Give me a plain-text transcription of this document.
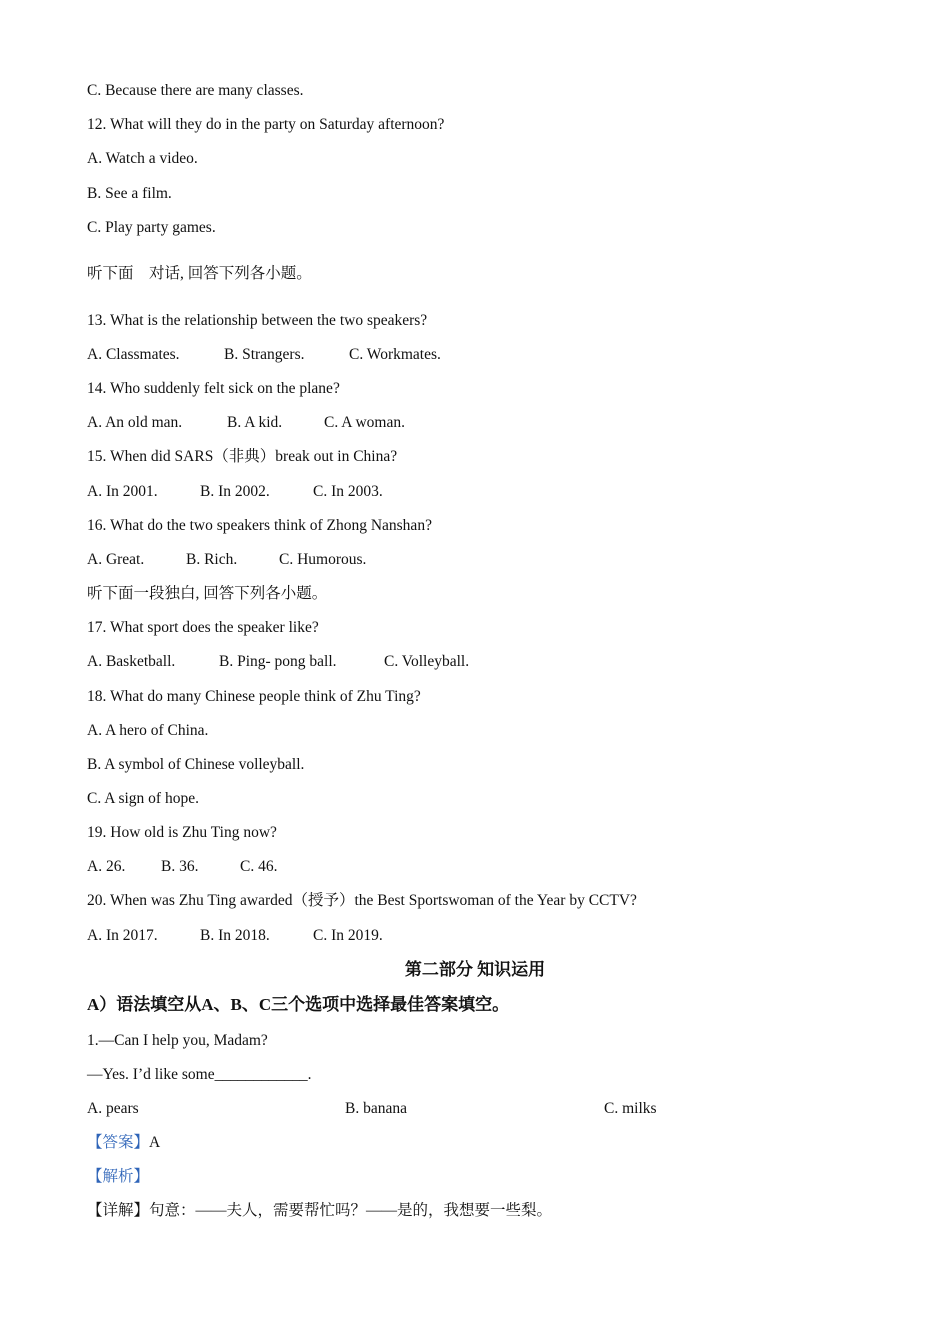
C. Because there are many classes.
12. What will they do in the party on Saturday afternoon?
A. Watch a video.
B. See a film.
C. Play party games.
听下面　对话, 回答下列各小题。
13. What is the relationship between the two speakers?

A. Classmates.

	B. Strangers.

	C. Workmates.

14. Who suddenly felt sick on the plane?

A. An old man.

	B. A kid.

	C. A woman.

15. When did SARS（非典）break out in China?

A. In 2001.

	B. In 2002.

	C. In 2003.

16. What do the two speakers think of Zhong Nanshan?

A. Great.

	B. Rich.

	C. Humorous.

听下面一段独白, 回答下列各小题。
17. What sport does the speaker like?

A. Basketball.

	B. Ping- pong ball.

	C. Volleyball.

18. What do many Chinese people think of Zhu Ting?
A. A hero of China.
B. A symbol of Chinese volleyball.
C. A sign of hope.
19. How old is Zhu Ting now?

A. 26.

B. 36.

	C. 46.

20. When was Zhu Ting awarded（授予）the Best Sportswoman of the Year by CCTV?

A. In 2017.

	B. In 2018.

	C. In 2019.

第二部分 知识运用
A）语法填空从A、B、C三个选项中选择最佳答案填空。
1.—Can I help you, Madam?
—Yes. I’d like some____________.

A. pears

	B. banana

	C. milks

【答案】A
【解析】
【详解】句意：——夫人，需要帮忙吗？——是的，我想要一些梨。
